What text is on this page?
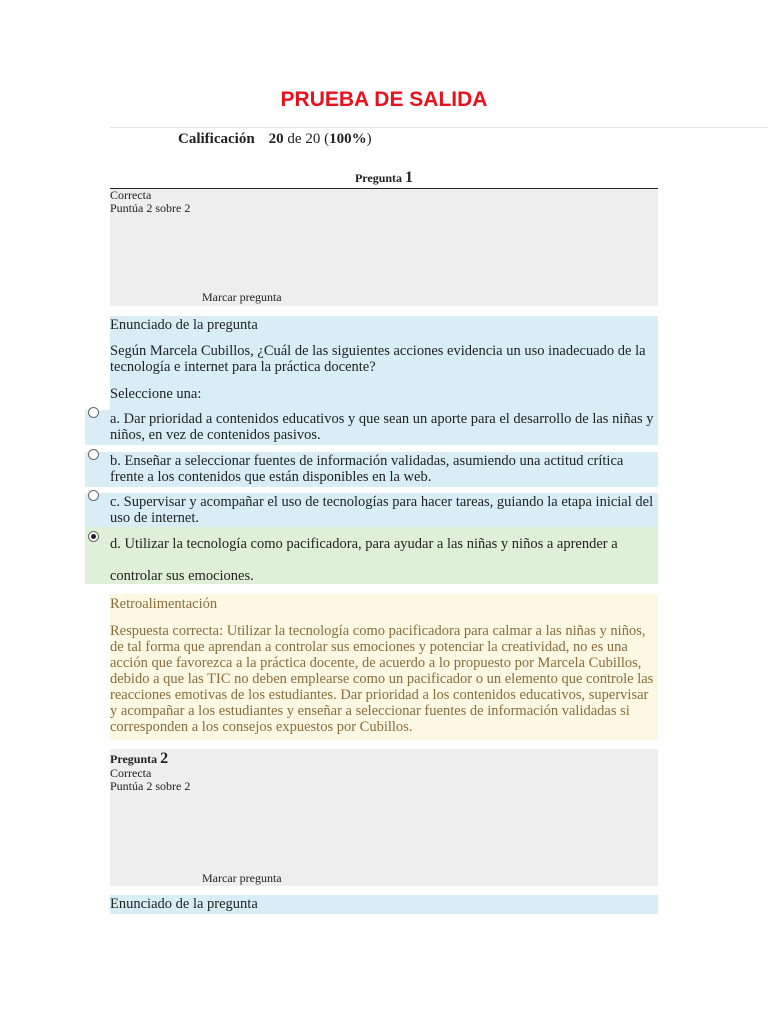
PRUEBA DE SALIDA
Calificación 20 de 20 (100%)
Pregunta 1
Correcta
Puntúa 2 sobre 2
Marcar pregunta
Enunciado de la pregunta
Según Marcela Cubillos, ¿Cuál de las siguientes acciones evidencia un uso inadecuado de la tecnología e internet para la práctica docente?
Seleccione una:
a. Dar prioridad a contenidos educativos y que sean un aporte para el desarrollo de las niñas y niños, en vez de contenidos pasivos.
b. Enseñar a seleccionar fuentes de información validadas, asumiendo una actitud crítica frente a los contenidos que están disponibles en la web.
c. Supervisar y acompañar el uso de tecnologías para hacer tareas, guiando la etapa inicial del uso de internet.
d. Utilizar la tecnología como pacificadora, para ayudar a las niñas y niños a aprender a
controlar sus emociones.
Retroalimentación
Respuesta correcta: Utilizar la tecnología como pacificadora para calmar a las niñas y niños, de tal forma que aprendan a controlar sus emociones y potenciar la creatividad, no es una acción que favorezca a la práctica docente, de acuerdo a lo propuesto por Marcela Cubillos, debido a que las TIC no deben emplearse como un pacificador o un elemento que controle las reacciones emotivas de los estudiantes. Dar prioridad a los contenidos educativos, supervisar y acompañar a los estudiantes y enseñar a seleccionar fuentes de información validadas si corresponden a los consejos expuestos por Cubillos.
Pregunta 2
Correcta
Puntúa 2 sobre 2
Marcar pregunta
Enunciado de la pregunta
